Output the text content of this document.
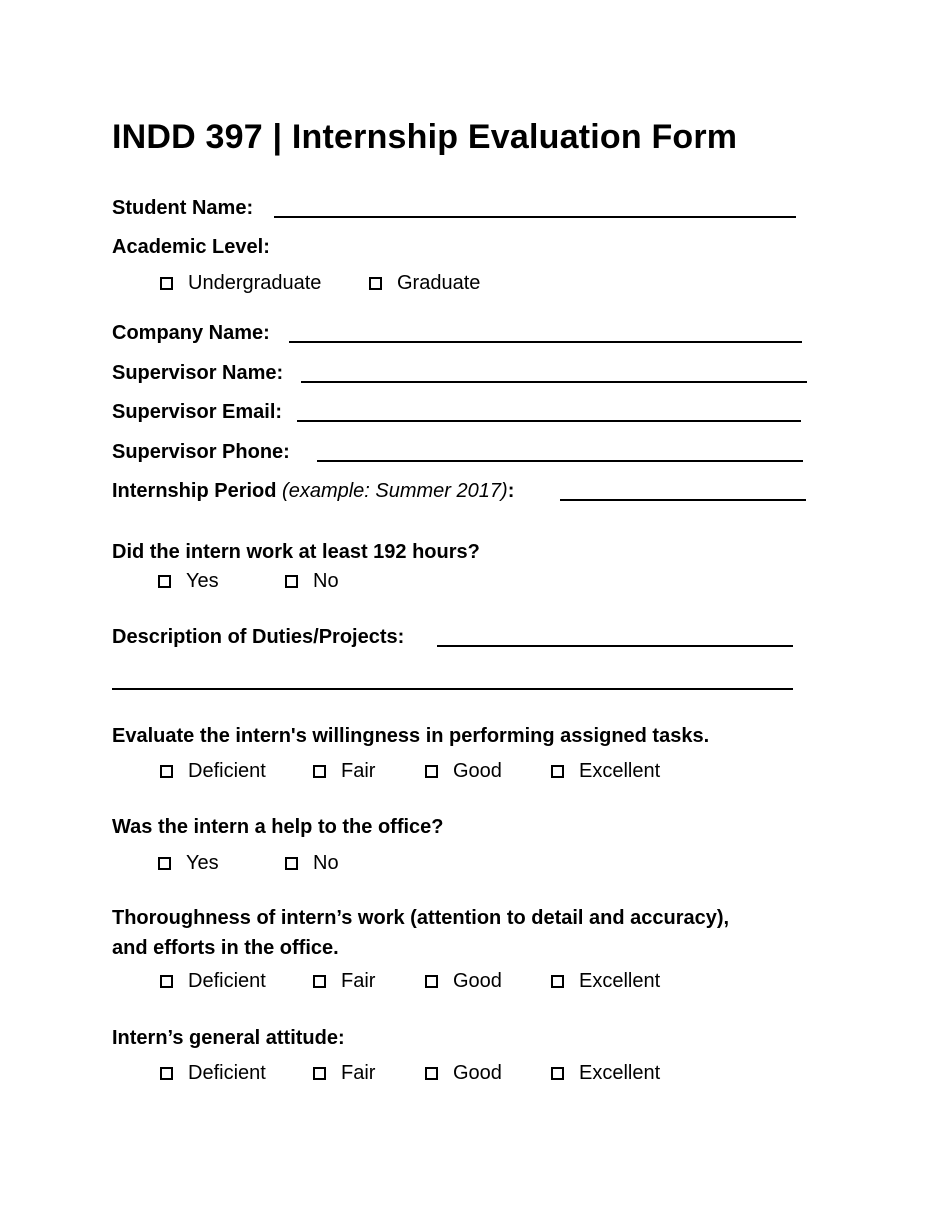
INDD 397 | Internship Evaluation Form
Student Name:
Academic Level:
Undergraduate	Graduate
Company Name:
Supervisor Name:
Supervisor Email:
Supervisor Phone:
Internship Period (example: Summer 2017):
Did the intern work at least 192 hours?
Yes	No
Description of Duties/Projects:
Evaluate the intern's willingness in performing assigned tasks.
Deficient	Fair	Good	Excellent
Was the intern a help to the office?
Yes	No
Thoroughness of intern’s work (attention to detail and accuracy),
and efforts in the office.
Deficient	Fair	Good	Excellent
Intern’s general attitude:
Deficient	Fair	Good	Excellent
